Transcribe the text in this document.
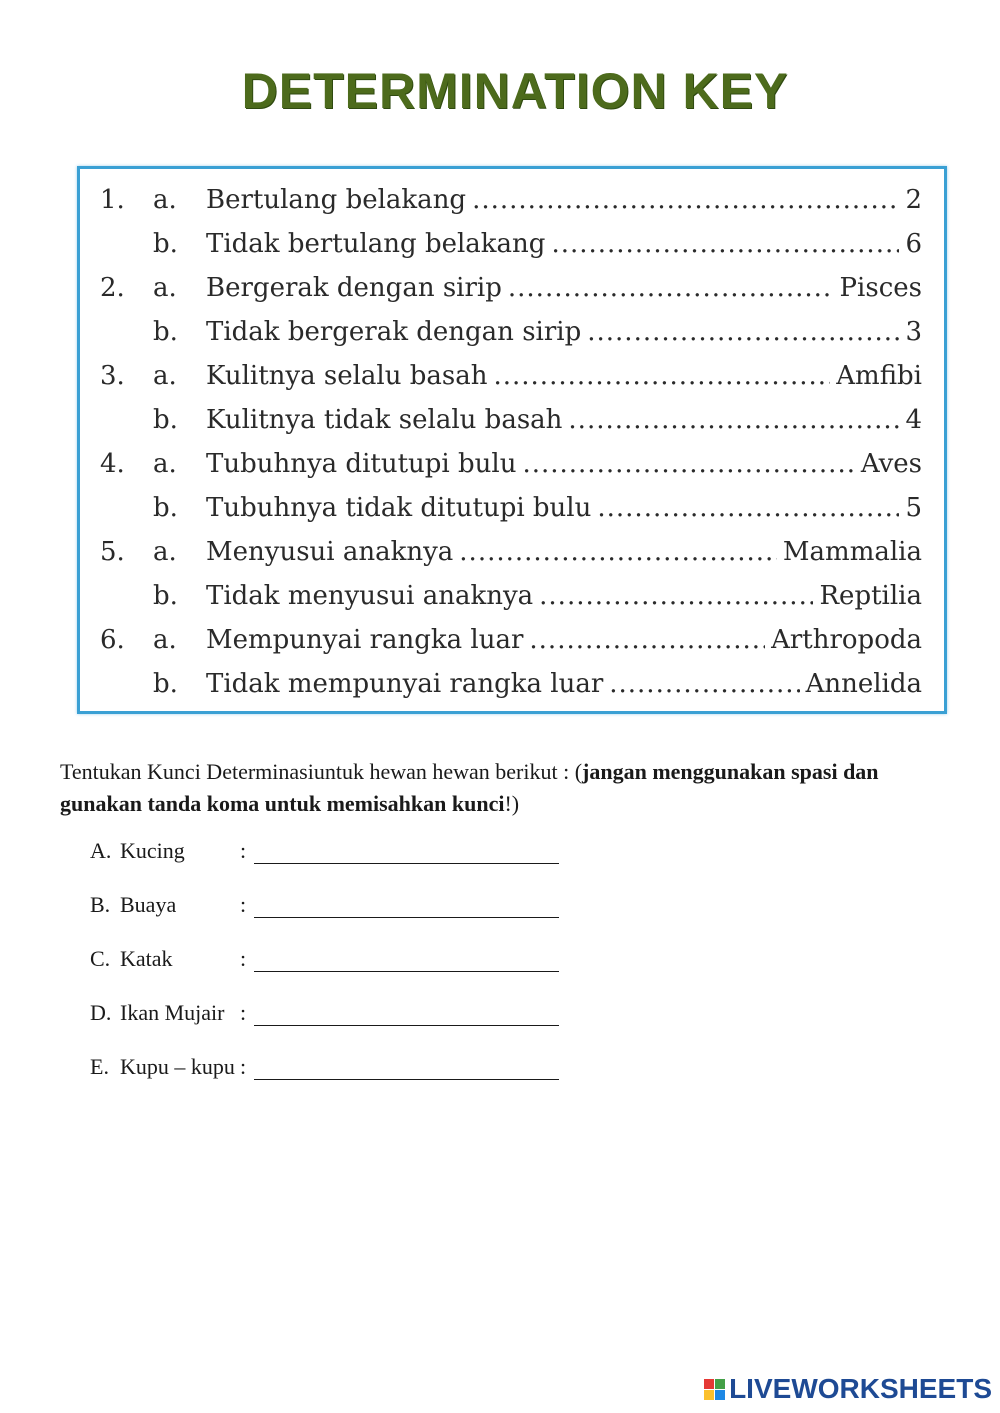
DETERMINATION KEY
1.	a. Bertulang belakang .....	2
b. Tidak bertulang belakang .....	6
2.	a. Bergerak dengan sirip .....	Pisces
b. Tidak bergerak dengan sirip .....	3
3.	a. Kulitnya selalu basah .....	Amfibi
b. Kulitnya tidak selalu basah .....	4
4.	a. Tubuhnya ditutupi bulu .....	Aves
b. Tubuhnya tidak ditutupi bulu .....	5
5.	a. Menyusui anaknya .....	Mammalia
b. Tidak menyusui anaknya .....	Reptilia
6.	a. Mempunyai rangka luar .....	Arthropoda
b. Tidak mempunyai rangka luar .....	Annelida

Tentukan Kunci Determinasiuntuk hewan hewan berikut : (jangan menggunakan spasi dan gunakan tanda koma untuk memisahkan kunci!)

A. Kucing	:
B. Buaya	:
C. Katak	:
D. Ikan Mujair :
E. Kupu – kupu :
LIVEWORKSHEETS
